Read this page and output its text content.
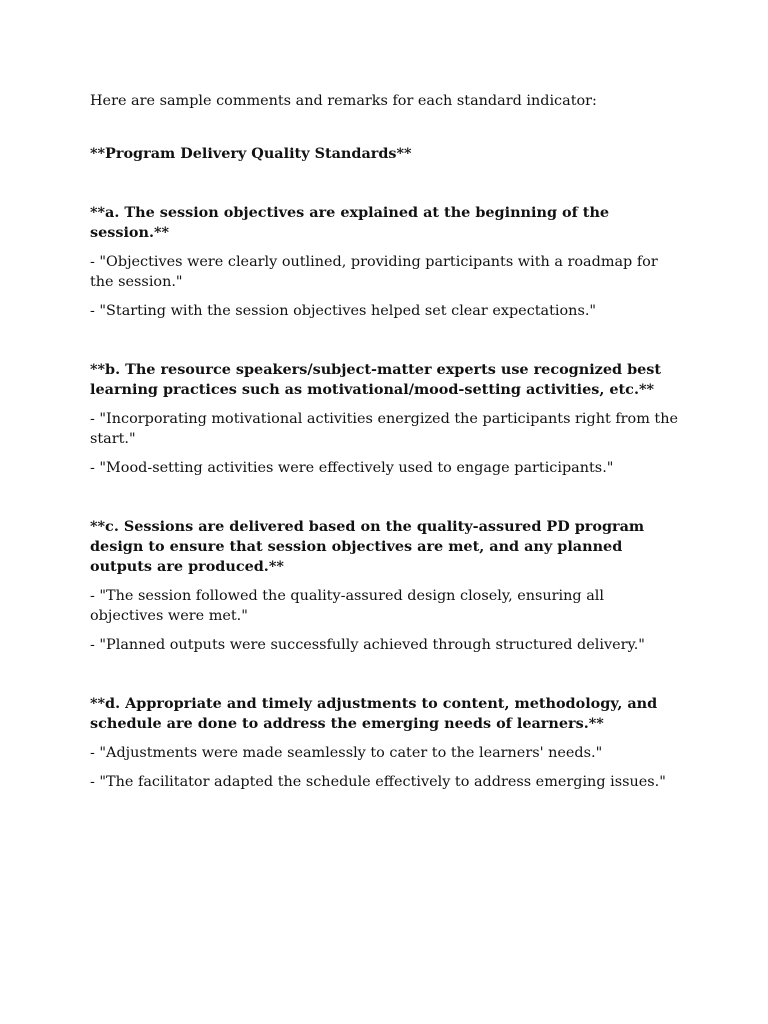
Here are sample comments and remarks for each standard indicator:

**Program Delivery Quality Standards**

**a. The session objectives are explained at the beginning of the session.**

- "Objectives were clearly outlined, providing participants with a roadmap for the session."

- "Starting with the session objectives helped set clear expectations."

**b. The resource speakers/subject-matter experts use recognized best learning practices such as motivational/mood-setting activities, etc.**

- "Incorporating motivational activities energized the participants right from the start."

- "Mood-setting activities were effectively used to engage participants."

**c. Sessions are delivered based on the quality-assured PD program design to ensure that session objectives are met, and any planned outputs are produced.**

- "The session followed the quality-assured design closely, ensuring all objectives were met."

- "Planned outputs were successfully achieved through structured delivery."

**d. Appropriate and timely adjustments to content, methodology, and schedule are done to address the emerging needs of learners.**

- "Adjustments were made seamlessly to cater to the learners' needs."

- "The facilitator adapted the schedule effectively to address emerging issues."
